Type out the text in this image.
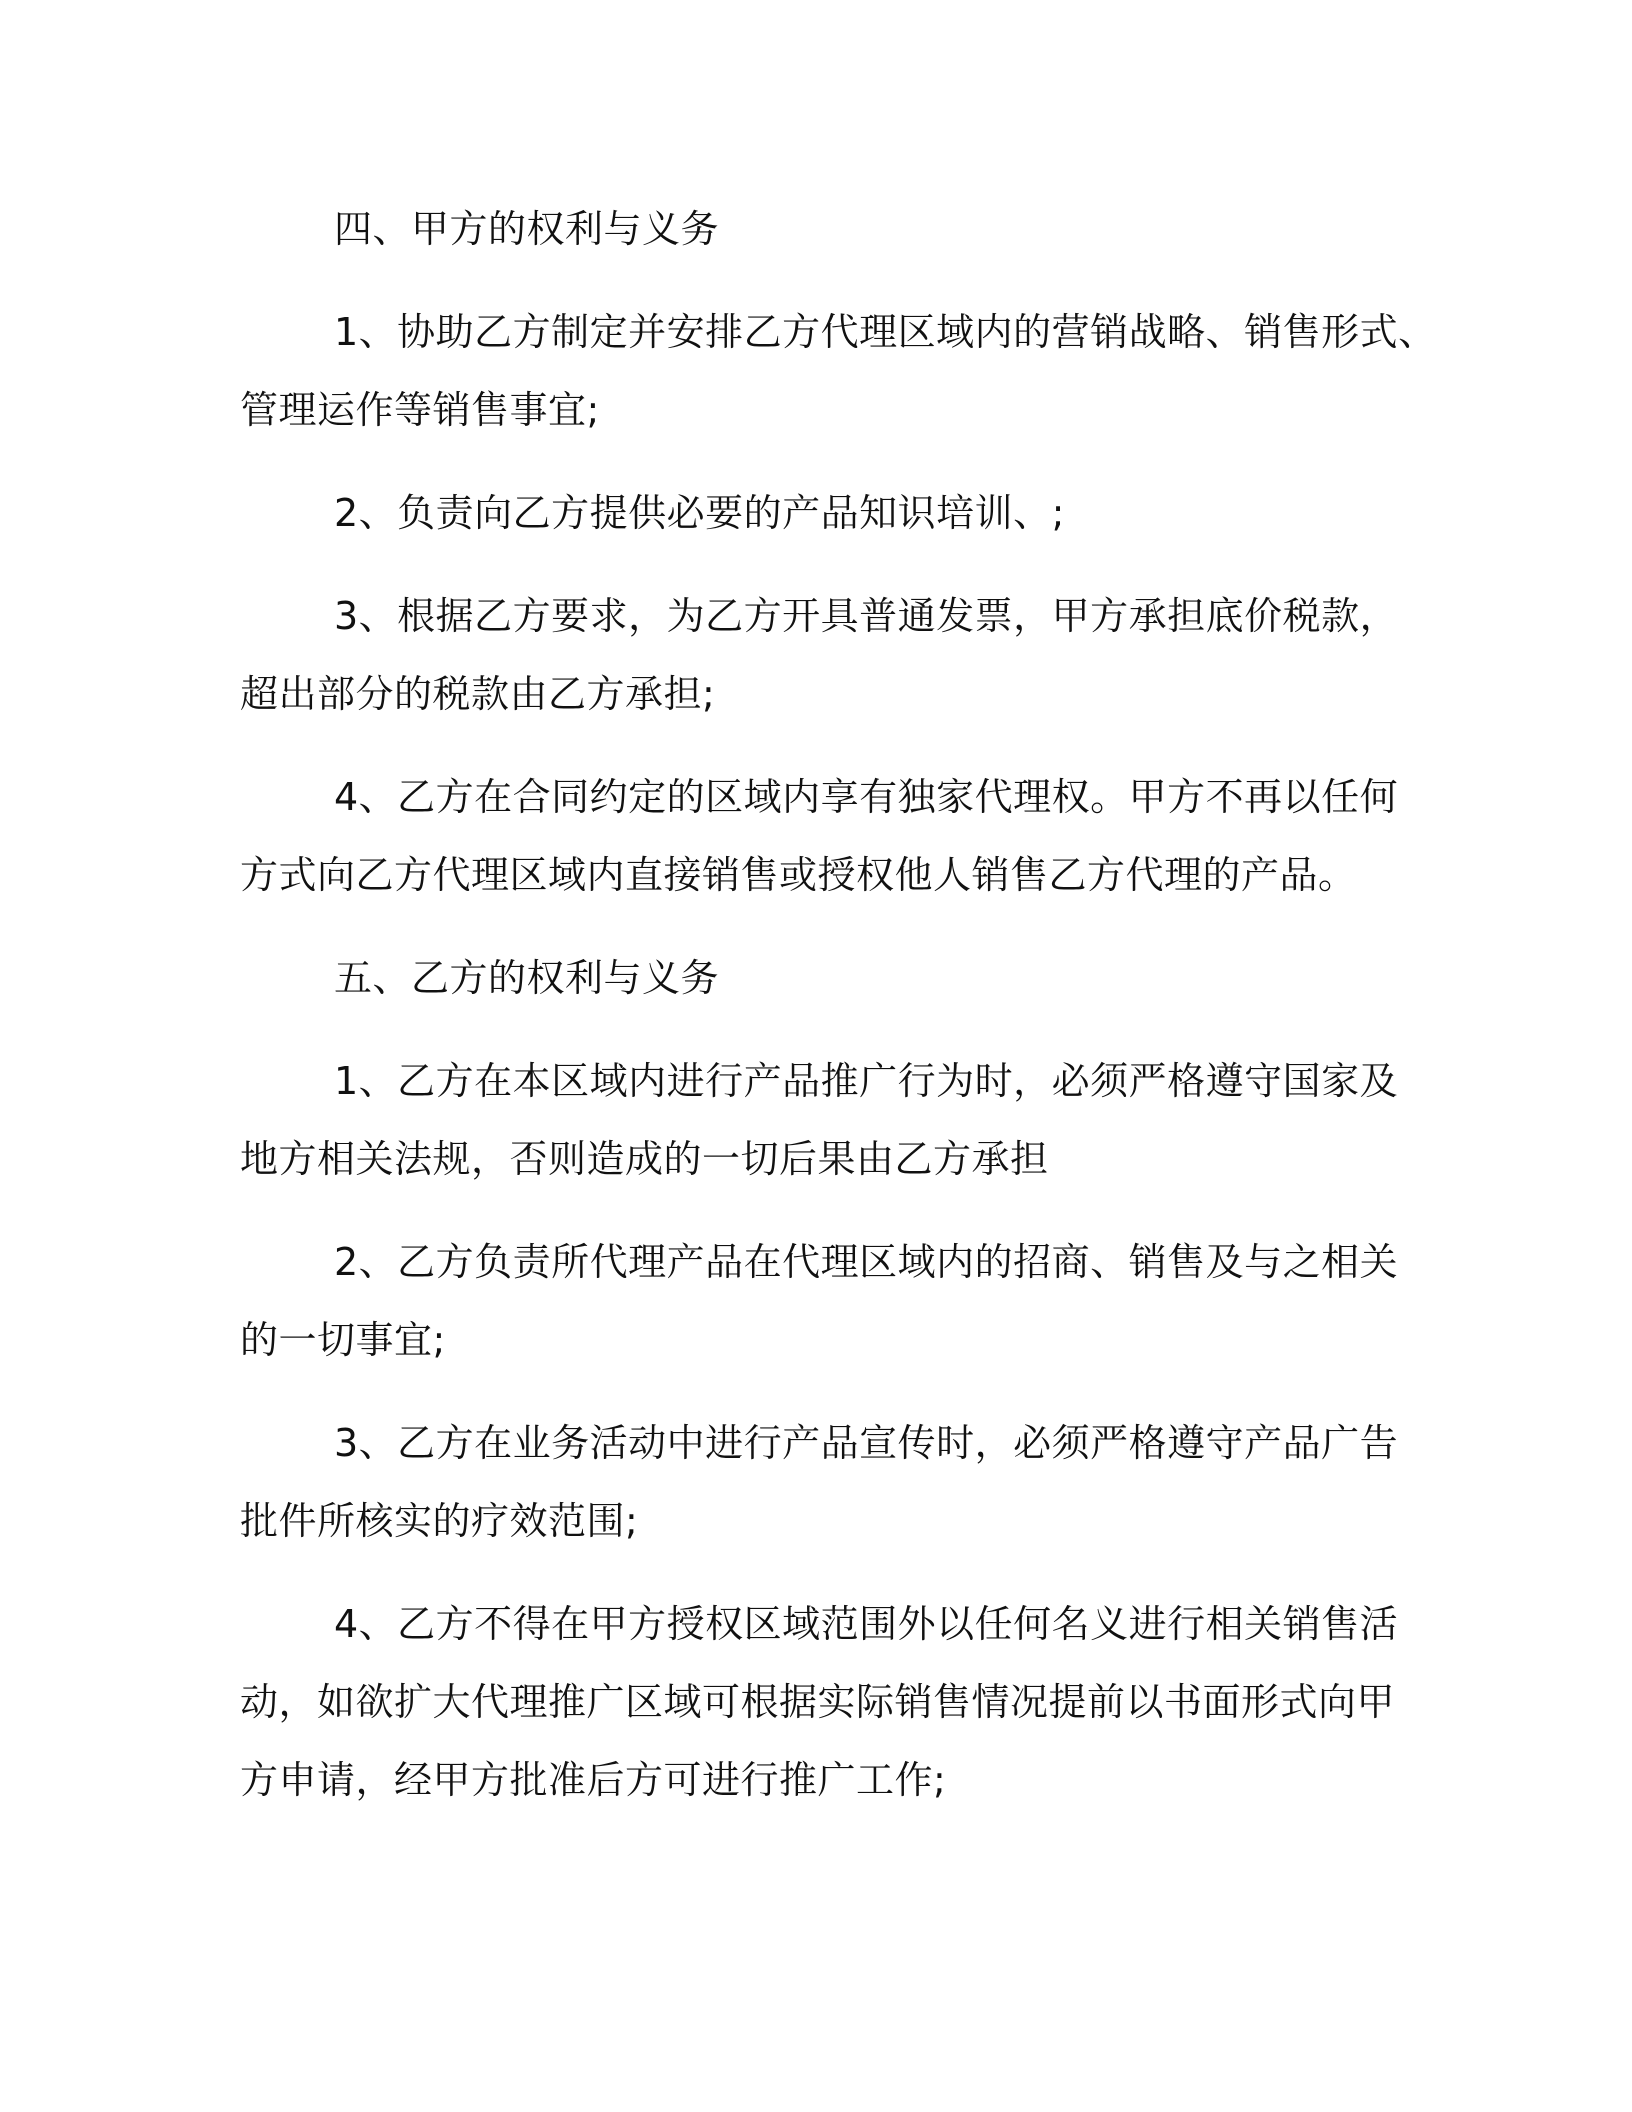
四、甲方的权利与义务
1、协助乙方制定并安排乙方代理区域内的营销战略、销售形式、
管理运作等销售事宜;
2、负责向乙方提供必要的产品知识培训、;
3、根据乙方要求，为乙方开具普通发票，甲方承担底价税款，
超出部分的税款由乙方承担;
4、乙方在合同约定的区域内享有独家代理权。甲方不再以任何
方式向乙方代理区域内直接销售或授权他人销售乙方代理的产品。
五、乙方的权利与义务
1、乙方在本区域内进行产品推广行为时，必须严格遵守国家及
地方相关法规，否则造成的一切后果由乙方承担
2、乙方负责所代理产品在代理区域内的招商、销售及与之相关
的一切事宜;
3、乙方在业务活动中进行产品宣传时，必须严格遵守产品广告
批件所核实的疗效范围;
4、乙方不得在甲方授权区域范围外以任何名义进行相关销售活
动，如欲扩大代理推广区域可根据实际销售情况提前以书面形式向甲
方申请，经甲方批准后方可进行推广工作;
